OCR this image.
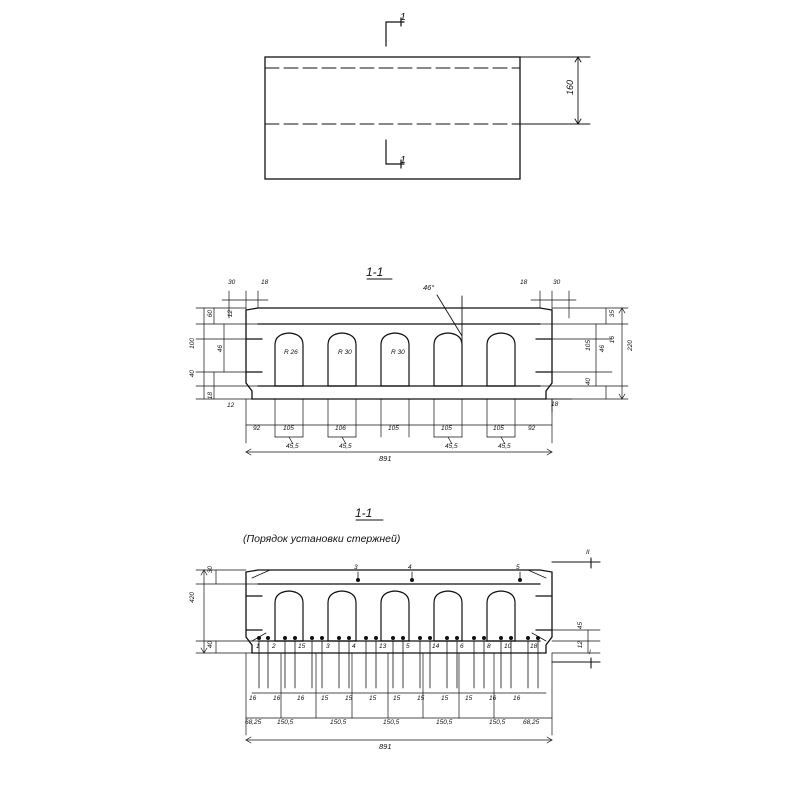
1
1
160
1-1
46°
R 26	R 30	R 30
30	18	18	30
60 12
100
40
46
18
12
35
105 46
40
220
16
92	105	106	105	105	105	92
45,5	45,5	45,5	45,5
18
891
1-1
(Порядок установки стержней)
II
I
30
420
40
45
12
3	4	5
1 2	15	3	4	13	5	14	6	8 10	18
16	16	16	15	15	15	15	15	15	15	16	16
68,25 150,5	150,5	150,5	150,5	150,5	68,25
891
